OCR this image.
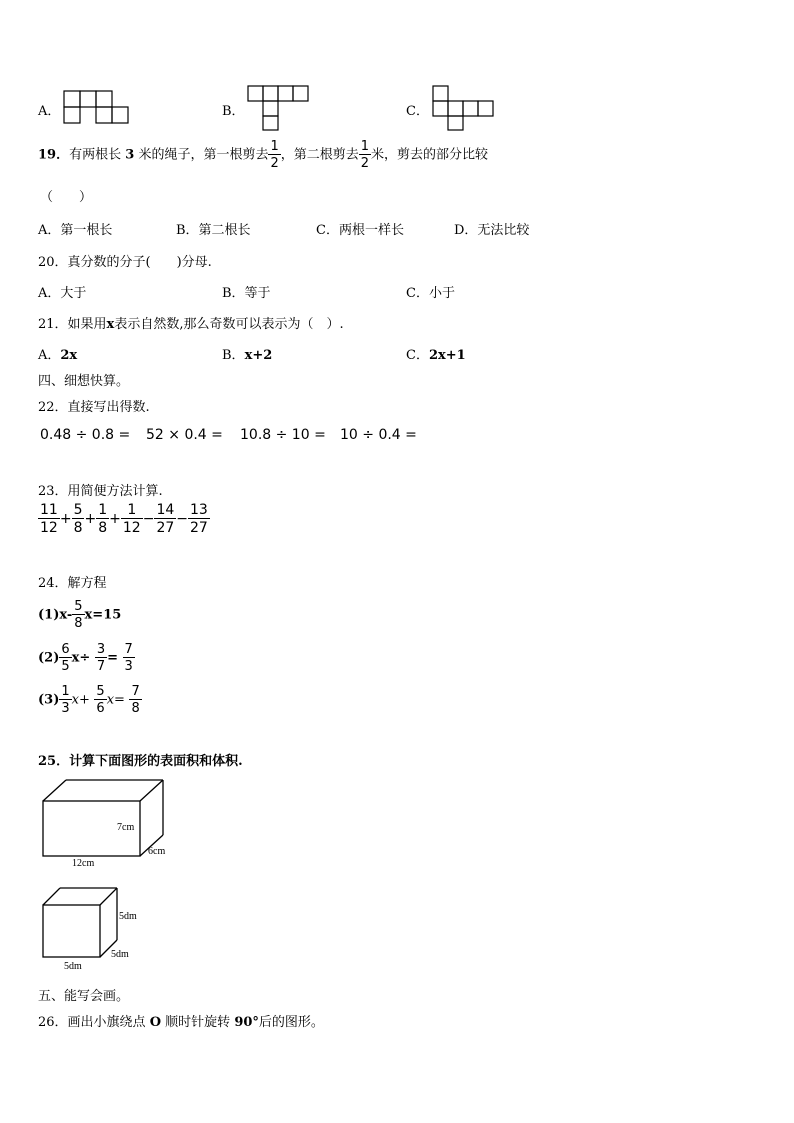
A．	B．	C．
19．有两根长 3 米的绳子，第一根剪去 $\frac{1}{2}$ ，第二根剪去 $\frac{1}{2}$ 米，剪去的部分比较
（　　）
A．第一根长	B．第二根长	C．两根一样长	D．无法比较
20．真分数的分子(　　)分母.
A．大于	B．等于	C．小于
21．如果用x表示自然数,那么奇数可以表示为（　）.
A．2x	B．x+2	C．2x+1
四、细想快算。
22．直接写出得数.
0.48 ÷ 0.8 = 52 × 0.4 = 10.8 ÷ 10 = 10 ÷ 0.4 =
23．用简便方法计算.
$\frac{11}{12} + \frac{5}{8} + \frac{1}{8} + \frac{1}{12} - \frac{14}{27} - \frac{13}{27}$
24．解方程
$(1)x- \frac{5}{8} x=15$
$(2) \frac{6}{5} x\div \frac{3}{7} = \frac{7}{3}$
$(3) \frac{1}{3} x+ \frac{5}{6} x= \frac{7}{8}$
25．计算下面图形的表面积和体积.
7cm
6cm
12cm
5dm
5dm
5dm
五、能写会画。
26．画出小旗绕点 O 顺时针旋转 90°后的图形。
